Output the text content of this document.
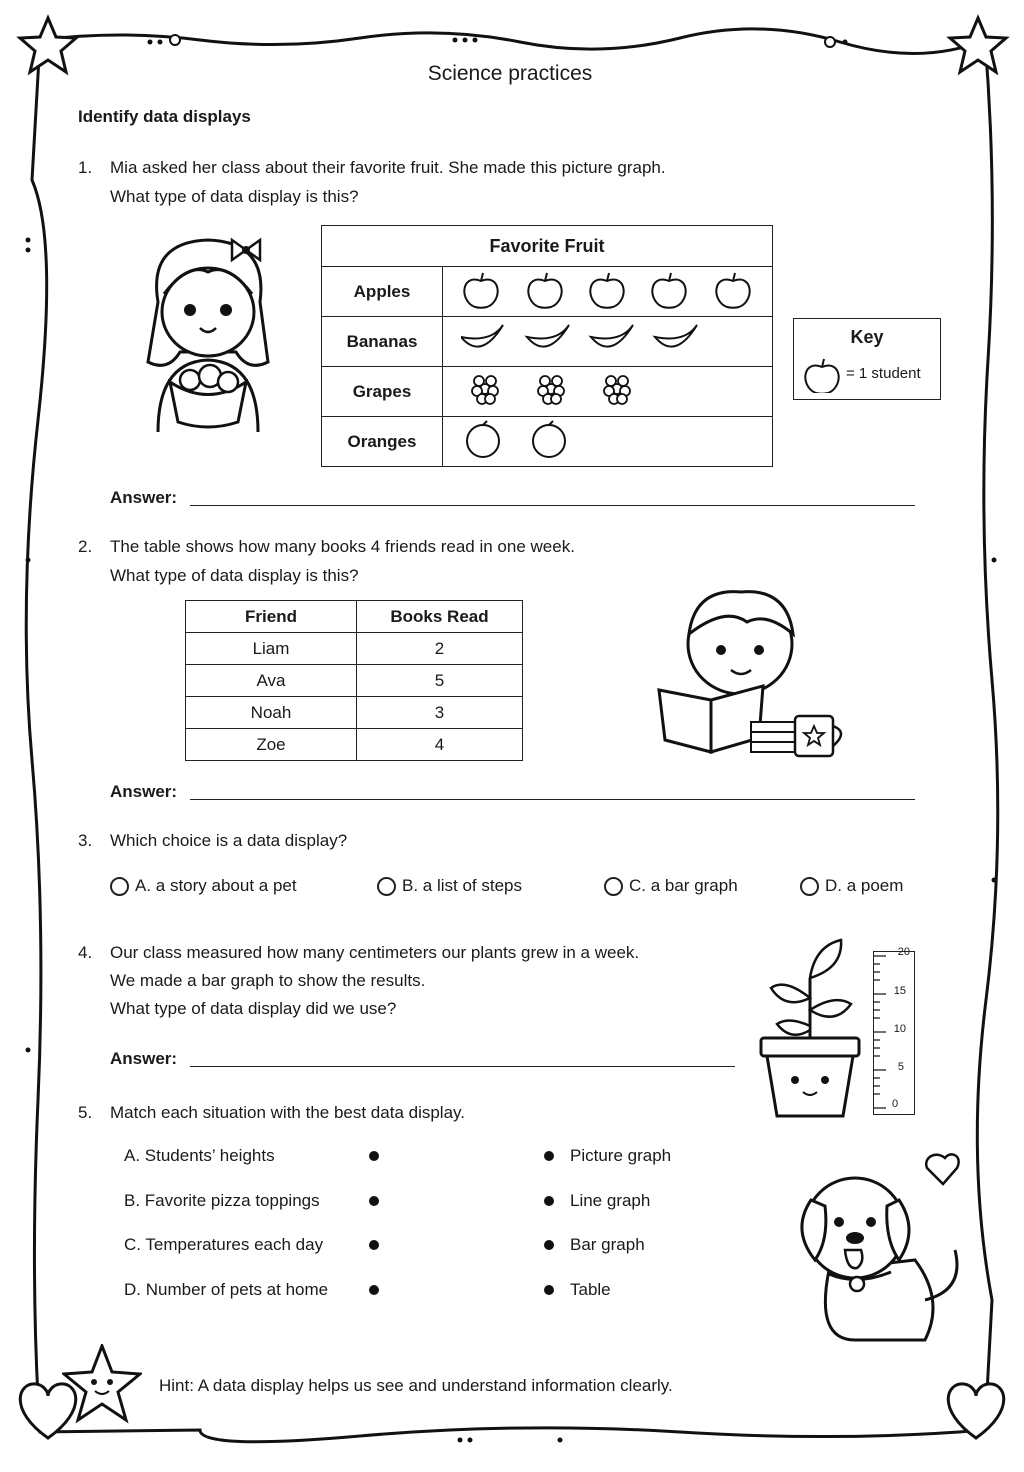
Science practices
Identify data displays
1. Mia asked her class about their favorite fruit. She made this picture graph.
What type of data display is this?
Favorite Fruit	
Apples	
Bananas	
Grapes	
Oranges	
Key
= 1 student
Answer:
2. The table shows how many books 4 friends read in one week.
What type of data display is this?
Friend	Books Read
Liam	2
Ava	5
Noah	3
Zoe	4
Answer:
3. Which choice is a data display?
A. a story about a pet	B. a list of steps	C. a bar graph	D. a poem
4. Our class measured how many centimeters our plants grew in a week.
We made a bar graph to show the results.
What type of data display did we use?
Answer:
20
15
10
5
0
5. Match each situation with the best data display.
A. Students’ heights
B. Favorite pizza toppings
C. Temperatures each day
D. Number of pets at home
Picture graph
Line graph
Bar graph
Table
Hint: A data display helps us see and understand information clearly.
